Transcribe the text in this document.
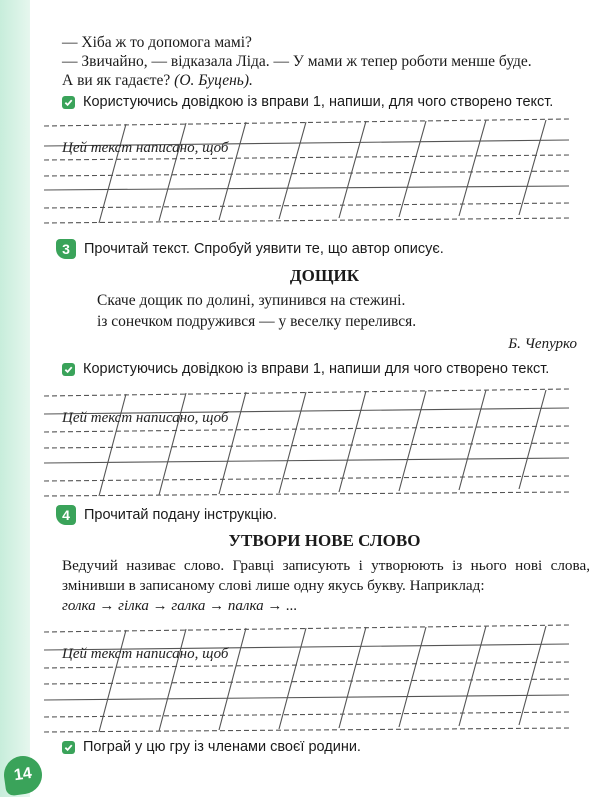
— Хіба ж то допомога мамі?
— Звичайно, — відказала Ліда. — У мами ж тепер роботи менше буде.
А ви як гадаєте? (О. Буцень).
Користуючись довідкою із вправи 1, напиши, для чого створено текст.
Цей текст написано, щоб
3 Прочитай текст. Спробуй уявити те, що автор описує.
ДОЩИК
Скаче дощик по долині, зупинився на стежині.
із сонечком подружився — у веселку перелився.
Б. Чепурко
Користуючись довідкою із вправи 1, напиши для чого створено текст.
Цей текст написано, щоб
4 Прочитай подану інструкцію.
УТВОРИ НОВЕ СЛОВО
Ведучий називає слово. Гравці записують і утворюють із нього нові слова, змінивши в записаному слові лише одну якусь букву. Наприклад:
голка → гілка → галка → палка → ...
Цей текст написано, щоб
Пограй у цю гру із членами своєї родини.
14
